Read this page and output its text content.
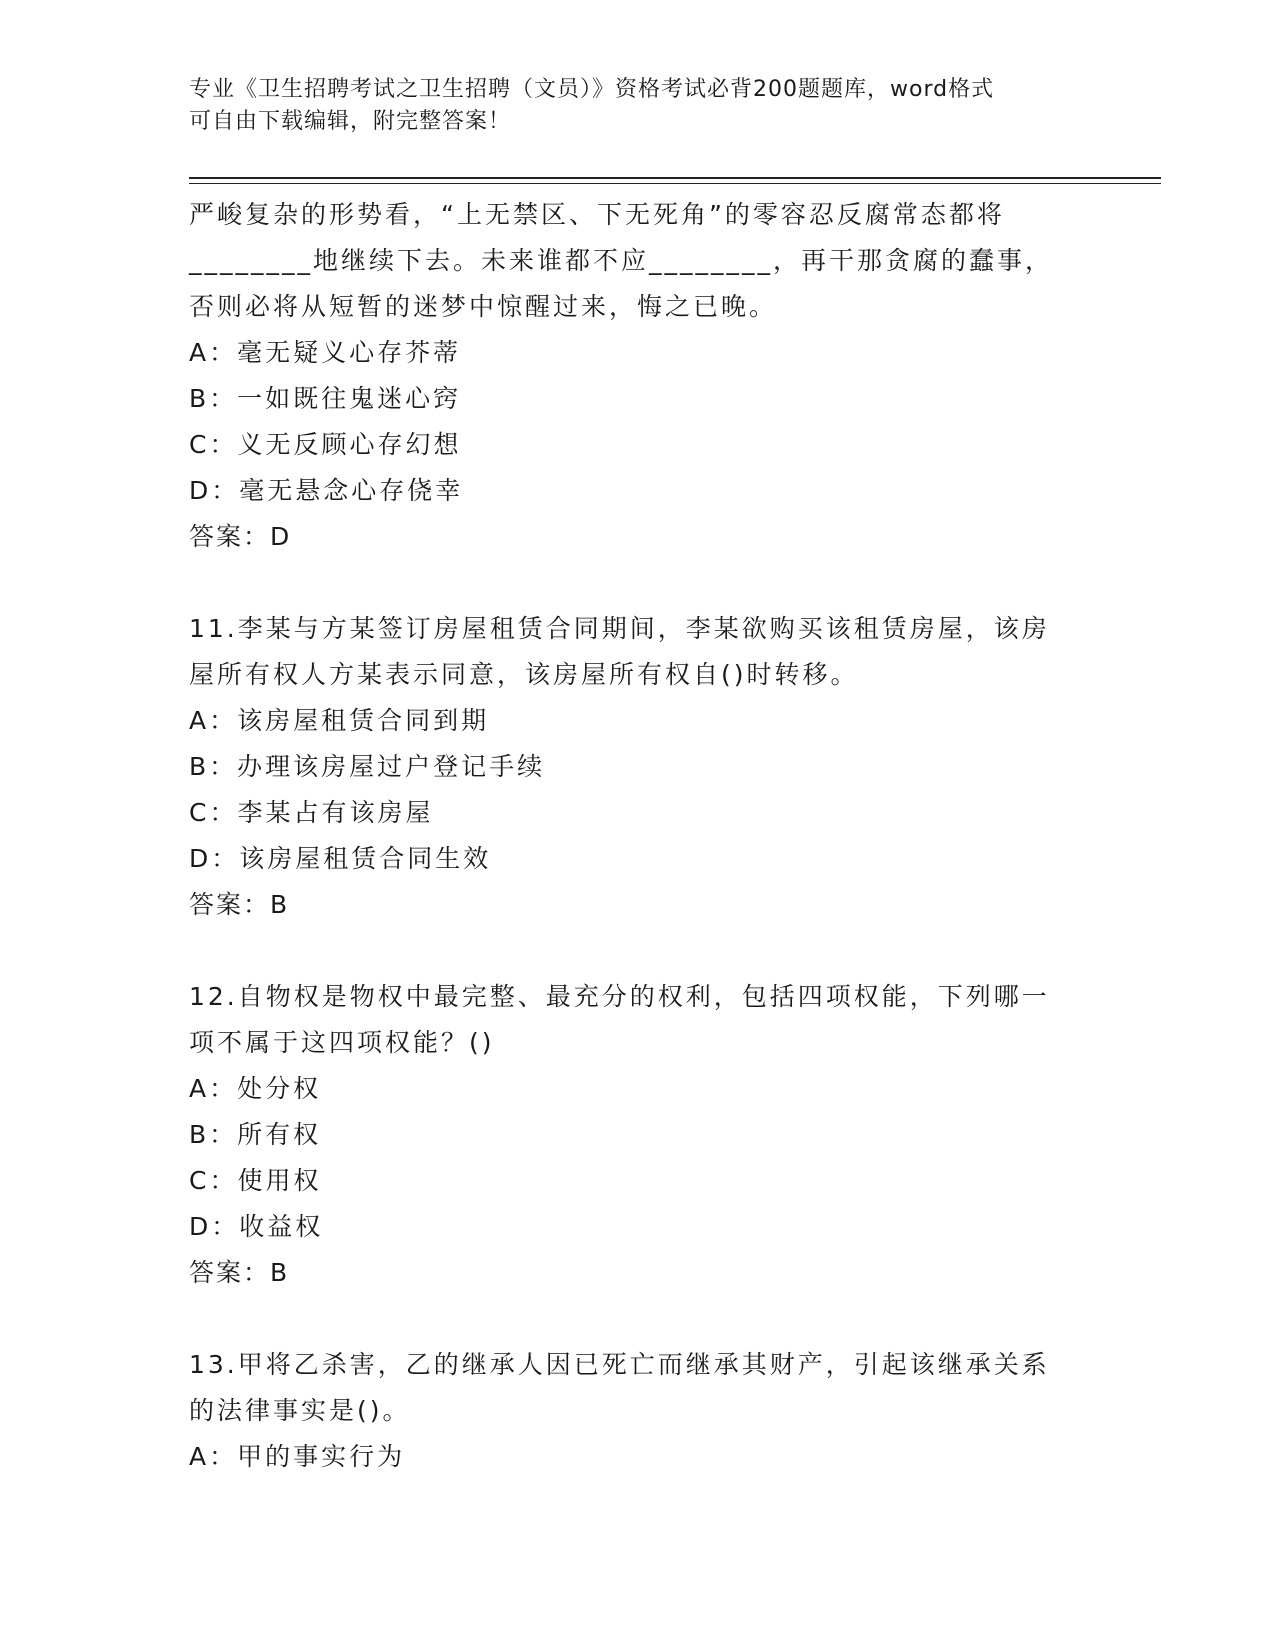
专业《卫生招聘考试之卫生招聘（文员）》资格考试必背200题题库，word格式
可自由下载编辑，附完整答案！

严峻复杂的形势看，“上无禁区、下无死角”的零容忍反腐常态都将

________地继续下去。未来谁都不应________，再干那贪腐的蠢事，

否则必将从短暂的迷梦中惊醒过来，悔之已晚。

A：毫无疑义心存芥蒂

B：一如既往鬼迷心窍

C：义无反顾心存幻想

D：毫无悬念心存侥幸

答案：D

11.李某与方某签订房屋租赁合同期间，李某欲购买该租赁房屋，该房

屋所有权人方某表示同意，该房屋所有权自()时转移。

A：该房屋租赁合同到期

B：办理该房屋过户登记手续

C：李某占有该房屋

D：该房屋租赁合同生效

答案：B

12.自物权是物权中最完整、最充分的权利，包括四项权能，下列哪一

项不属于这四项权能？()

A：处分权

B：所有权

C：使用权

D：收益权

答案：B

13.甲将乙杀害，乙的继承人因已死亡而继承其财产，引起该继承关系

的法律事实是()。

A：甲的事实行为
